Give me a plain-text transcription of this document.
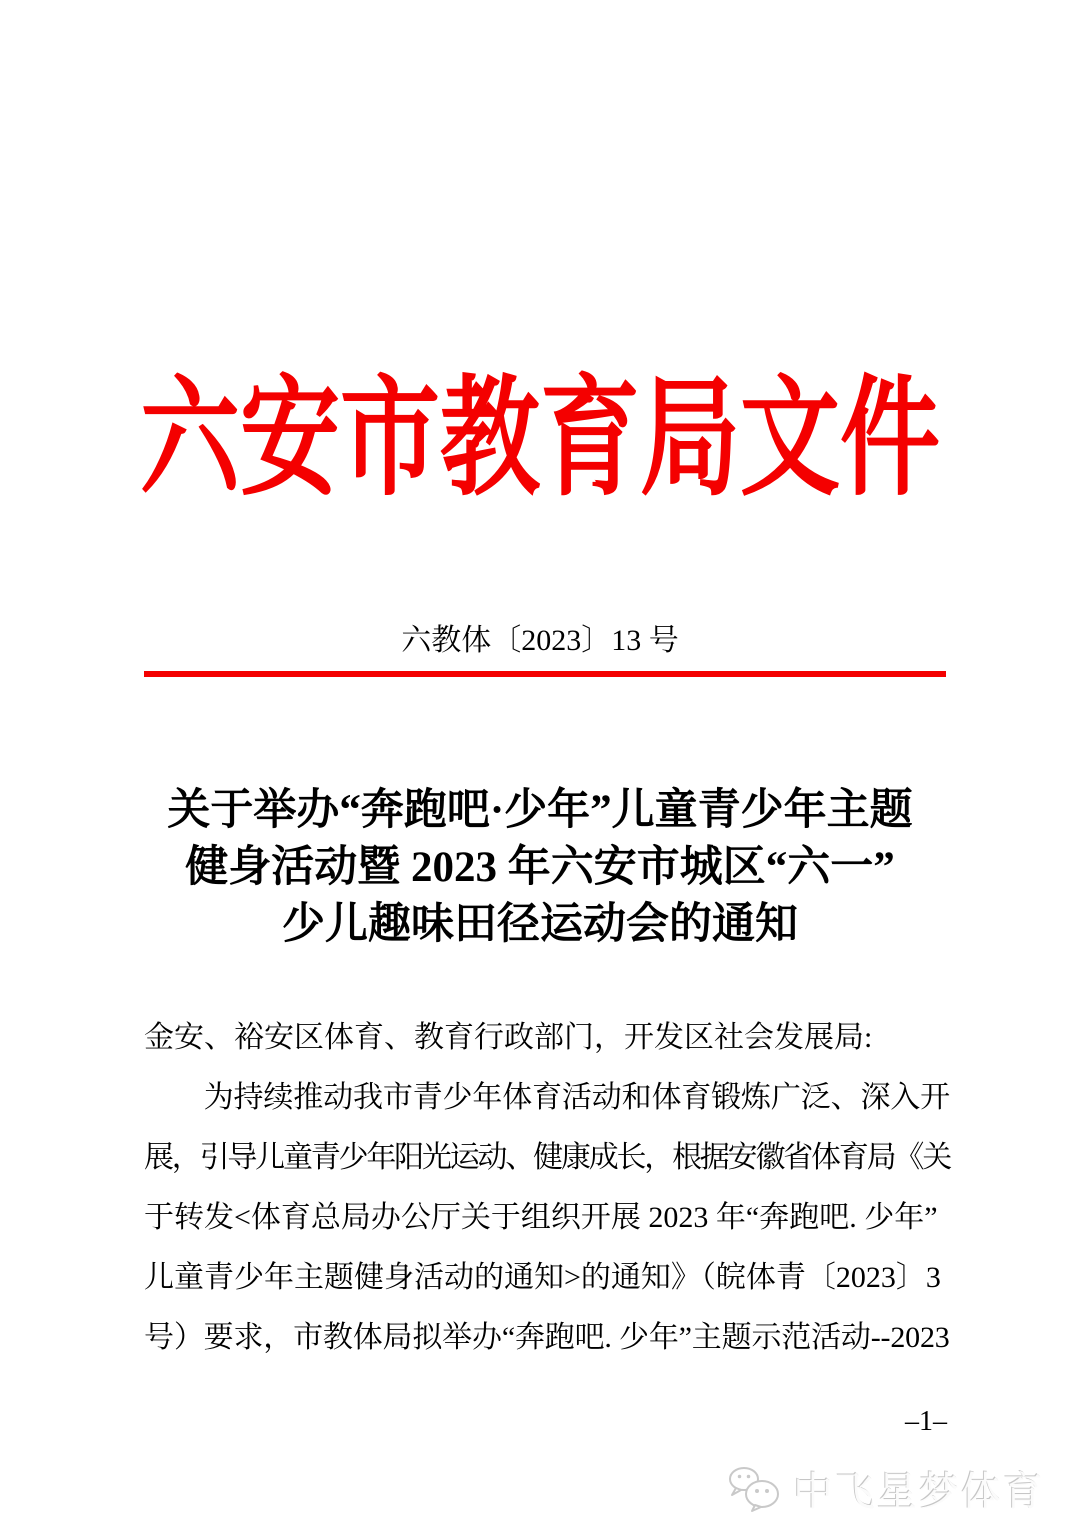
六安市教育局文件
六教体〔2023〕13 号
关于举办“奔跑吧·少年”儿童青少年主题
健身活动暨 2023 年六安市城区“六一”
少儿趣味田径运动会的通知
金安、裕安区体育、教育行政部门，开发区社会发展局:
　　为持续推动我市青少年体育活动和体育锻炼广泛、深入开
展，引导儿童青少年阳光运动、健康成长，根据安徽省体育局《关
于转发<体育总局办公厅关于组织开展 2023 年“奔跑吧. 少年”
儿童青少年主题健身活动的通知>的通知》（皖体青〔2023〕3
号）要求，市教体局拟举办“奔跑吧. 少年”主题示范活动--2023
–1–
中飞星梦体育
